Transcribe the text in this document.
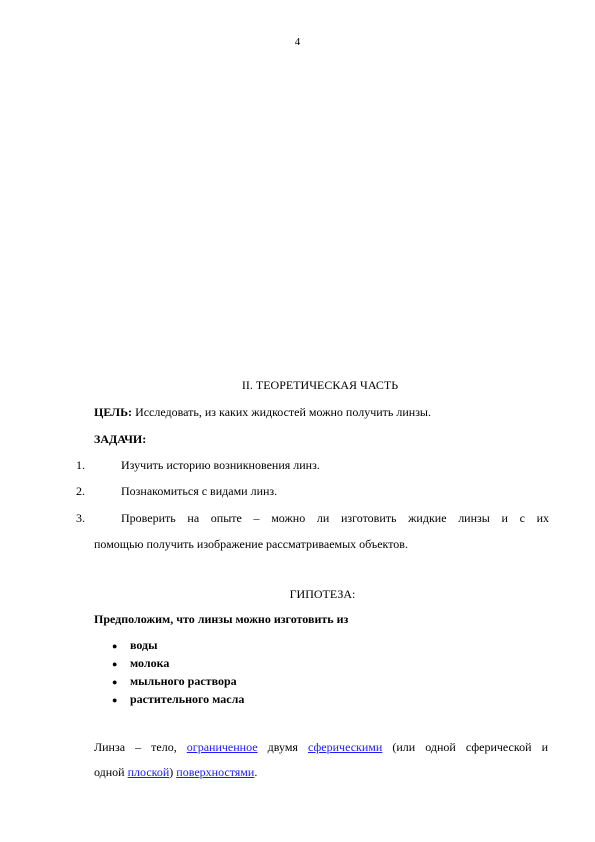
4
II. ТЕОРЕТИЧЕСКАЯ ЧАСТЬ
ЦЕЛЬ: Исследовать, из каких жидкостей можно получить линзы.
ЗАДАЧИ:
1.	Изучить историю возникновения линз.
2.	Познакомиться с видами линз.
3.	Проверить на опыте – можно ли изготовить жидкие линзы и с их
помощью получить изображение рассматриваемых объектов.
ГИПОТЕЗА:
Предположим, что линзы можно изготовить из
● воды
● молока
● мыльного раствора
● растительного масла
Линза – тело, ограниченное двумя сферическими (или одной сферической и
одной плоской) поверхностями.
